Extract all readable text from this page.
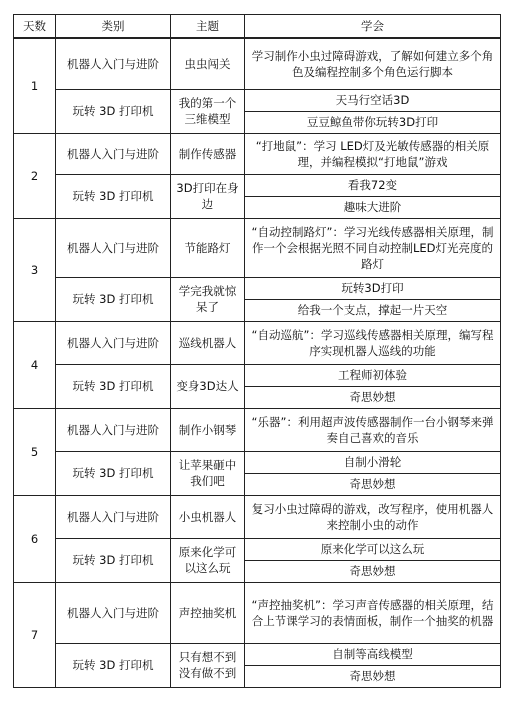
天数	类别	主题	学会
1	机器人入门与进阶	虫虫闯关	学习制作小虫过障碍游戏，了解如何建立多个角色及编程控制多个角色运行脚本
	玩转 3D 打印机	我的第一个三维模型	天马行空话3D
			豆豆鲸鱼带你玩转3D打印
2	机器人入门与进阶	制作传感器	“打地鼠”：学习 LED灯及光敏传感器的相关原理，并编程模拟“打地鼠”游戏
	玩转 3D 打印机	3D打印在身边	看我72变
			趣味大进阶
3	机器人入门与进阶	节能路灯	“自动控制路灯”：学习光线传感器相关原理，制作一个会根据光照不同自动控制LED灯光亮度的路灯
	玩转 3D 打印机	学完我就惊呆了	玩转3D打印
			给我一个支点，撑起一片天空
4	机器人入门与进阶	巡线机器人	“自动巡航”：学习巡线传感器相关原理，编写程序实现机器人巡线的功能
	玩转 3D 打印机	变身3D达人	工程师初体验
			奇思妙想
5	机器人入门与进阶	制作小钢琴	“乐器”：利用超声波传感器制作一台小钢琴来弹奏自己喜欢的音乐
	玩转 3D 打印机	让苹果砸中我们吧	自制小滑轮
			奇思妙想
6	机器人入门与进阶	小虫机器人	复习小虫过障碍的游戏，改写程序，使用机器人来控制小虫的动作
	玩转 3D 打印机	原来化学可以这么玩	原来化学可以这么玩
			奇思妙想
7	机器人入门与进阶	声控抽奖机	“声控抽奖机”：学习声音传感器的相关原理，结合上节课学习的表情面板，制作一个抽奖的机器
	玩转 3D 打印机	只有想不到没有做不到	自制等高线模型
			奇思妙想
